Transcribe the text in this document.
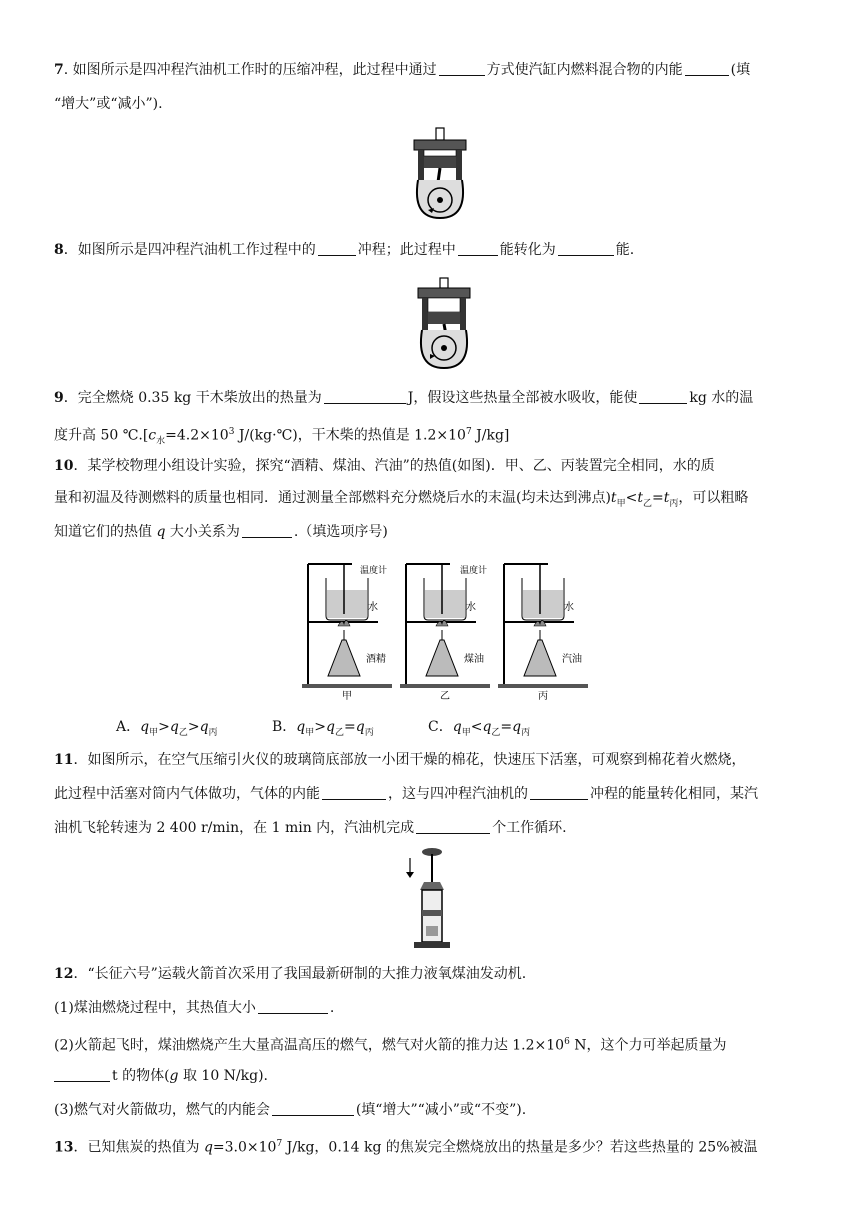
7. 如图所示是四冲程汽油机工作时的压缩冲程，此过程中通过	方式使汽缸内燃料混合物的内能	(填
“增大”或“减小”).
8．如图所示是四冲程汽油机工作过程中的	冲程；此过程中	能转化为	能.
9．完全燃烧 0.35 kg 干木柴放出的热量为	J，假设这些热量全部被水吸收，能使	kg 水的温
度升高 50 $℃.[c_水=4.2\times 10^3$ J/(kg·℃)，干木柴的热值是 $1.2\times 10^7$ J/kg]
10．某学校物理小组设计实验，探究“酒精、煤油、汽油”的热值(如图)．甲、乙、丙装置完全相同，水的质
量和初温及待测燃料的质量也相同．通过测量全部燃料充分燃烧后水的末温(均未达到沸点)$t_甲<t_乙=t_丙$，可以粗略
知道它们的热值 q 大小关系为	.（填选项序号)
温度计
水
酒精
甲
温度计
水
煤油
乙
水
汽油
丙
A．$q_甲>q_乙>q_丙$	B．$q_甲>q_乙=q_丙$	C．$q_甲<q_乙=q_丙$
11．如图所示，在空气压缩引火仪的玻璃筒底部放一小团干燥的棉花，快速压下活塞，可观察到棉花着火燃烧，
此过程中活塞对筒内气体做功，气体的内能	，这与四冲程汽油机的	冲程的能量转化相同，某汽
油机飞轮转速为 2 400 r/min，在 1 min 内，汽油机完成	个工作循环.
12．“长征六号”运载火箭首次采用了我国最新研制的大推力液氧煤油发动机.
(1)煤油燃烧过程中，其热值大小	.
(2)火箭起飞时，煤油燃烧产生大量高温高压的燃气，燃气对火箭的推力达 $1.2\times 10^6$ N，这个力可举起质量为
t 的物体(g 取 10 N/kg).
(3)燃气对火箭做功，燃气的内能会	(填“增大”“减小”或“不变”).
13．已知焦炭的热值为 $q=3.0\times 10^7$ J/kg，0.14 kg 的焦炭完全燃烧放出的热量是多少？若这些热量的 25%被温
